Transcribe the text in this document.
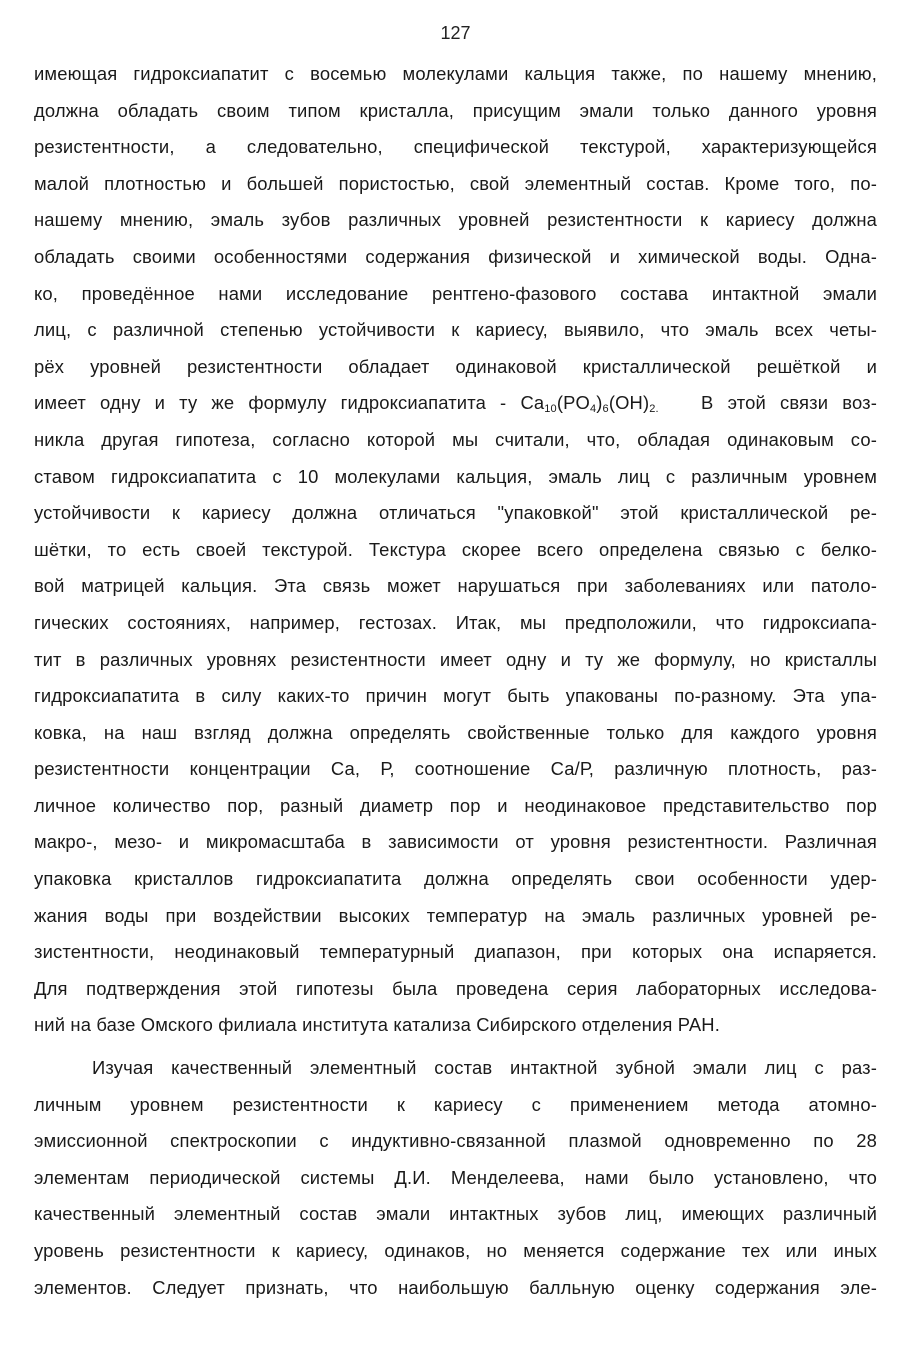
127
имеющая гидроксиапатит с восемью молекулами кальция также, по нашему мнению,
должна обладать своим типом кристалла, присущим эмали только данного уровня
резистентности, а следовательно, специфической текстурой, характеризующейся
малой плотностью и большей пористостью, свой элементный состав. Кроме того, по-
нашему мнению, эмаль зубов различных уровней резистентности к кариесу должна
обладать своими особенностями содержания физической и химической воды. Одна-
ко, проведённое нами исследование рентгено-фазового состава интактной эмали
лиц, с различной степенью устойчивости к кариесу, выявило, что эмаль всех четы-
рёх уровней резистентности обладает одинаковой кристаллической решёткой и
имеет одну и ту же формулу гидроксиапатита - $Ca_{10}(PO_4)_6(OH)_{2.}$   В этой связи воз-
никла другая гипотеза, согласно которой мы считали, что, обладая одинаковым со-
ставом гидроксиапатита с 10 молекулами кальция, эмаль лиц с различным уровнем
устойчивости к кариесу должна отличаться "упаковкой" этой кристаллической ре-
шётки, то есть своей текстурой. Текстура скорее всего определена связью с белко-
вой матрицей кальция. Эта связь может нарушаться при заболеваниях или патоло-
гических состояниях, например, гестозах. Итак, мы предположили, что гидроксиапа-
тит в различных уровнях резистентности имеет одну и ту же формулу, но кристаллы
гидроксиапатита в силу каких-то причин могут быть упакованы по-разному. Эта упа-
ковка, на наш взгляд должна определять свойственные только для каждого уровня
резистентности концентрации Са, Р, соотношение Са/Р, различную плотность, раз-
личное количество пор, разный диаметр пор и неодинаковое представительство пор
макро-, мезо- и микромасштаба в зависимости от уровня резистентности. Различная
упаковка кристаллов гидроксиапатита должна определять свои особенности удер-
жания воды при воздействии высоких температур на эмаль различных уровней ре-
зистентности, неодинаковый температурный диапазон, при которых она испаряется.
Для подтверждения этой гипотезы была проведена серия лабораторных исследова-
ний на базе Омского филиала института катализа Сибирского отделения РАН.
Изучая качественный элементный состав интактной зубной эмали лиц с раз-
личным уровнем резистентности к кариесу с применением метода атомно-
эмиссионной спектроскопии с индуктивно-связанной плазмой одновременно по 28
элементам периодической системы Д.И. Менделеева, нами было установлено, что
качественный элементный состав эмали интактных зубов лиц, имеющих различный
уровень резистентности к кариесу, одинаков, но меняется содержание тех или иных
элементов. Следует признать, что наибольшую балльную оценку содержания эле-
